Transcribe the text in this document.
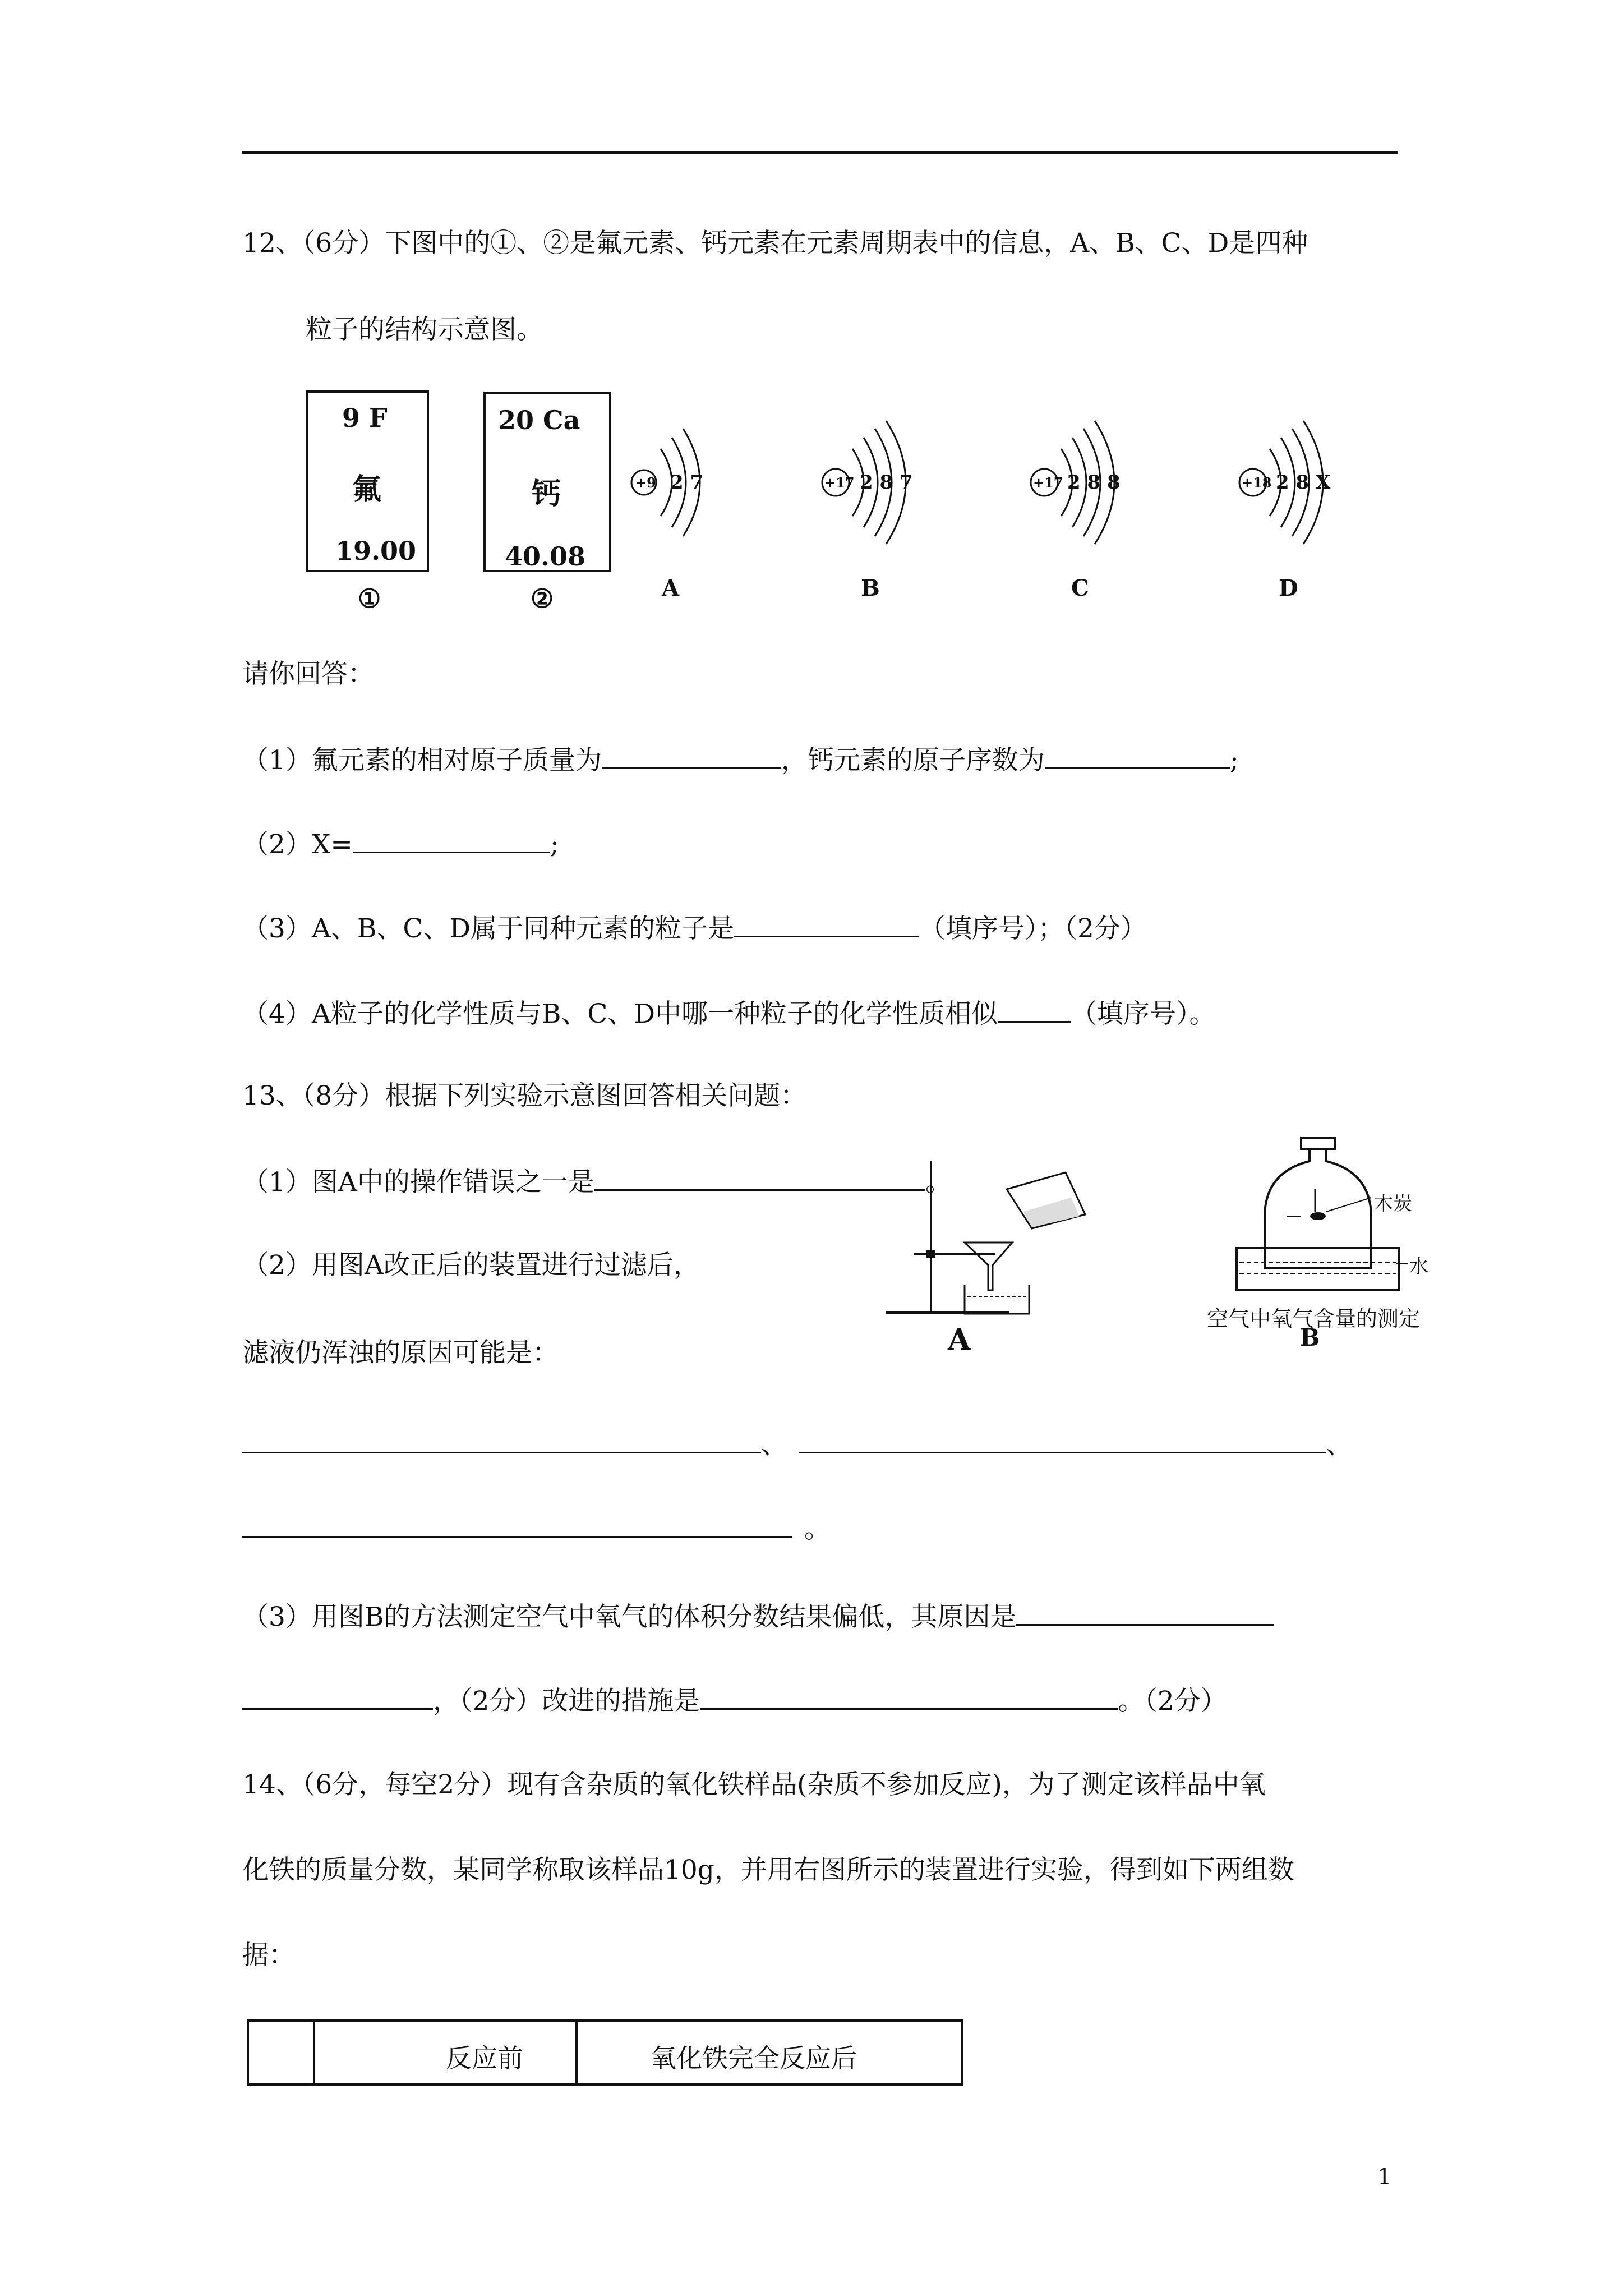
12、（6分）下图中的①、②是氟元素、钙元素在元素周期表中的信息，A、B、C、D是四种
粒子的结构示意图。
9 F
氟
19.00
①
20 Ca
钙
40.08
②
+9 2 7
A
+17 2 8 7
B
+17 2 8 8
C
+18 2 8 X
D
请你回答：
（1）氟元素的相对原子质量为	，钙元素的原子序数为	;
（2）X=	;
（3）A、B、C、D属于同种元素的粒子是	（填序号）；（2分）
（4）A粒子的化学性质与B、C、D中哪一种粒子的化学性质相似	（填序号）。
13、（8分）根据下列实验示意图回答相关问题：
（1）图A中的操作错误之一是	。
（2）用图A改正后的装置进行过滤后，
滤液仍浑浊的原因可能是：	A
木炭
水
空气中氧气含量的测定
B
、	、
。
（3）用图B的方法测定空气中氧气的体积分数结果偏低，其原因是
，（2分）改进的措施是	。（2分）
14、（6分，每空2分）现有含杂质的氧化铁样品(杂质不参加反应)，为了测定该样品中氧
化铁的质量分数，某同学称取该样品10g，并用右图所示的装置进行实验，得到如下两组数
据：
反应前	氧化铁完全反应后
1
